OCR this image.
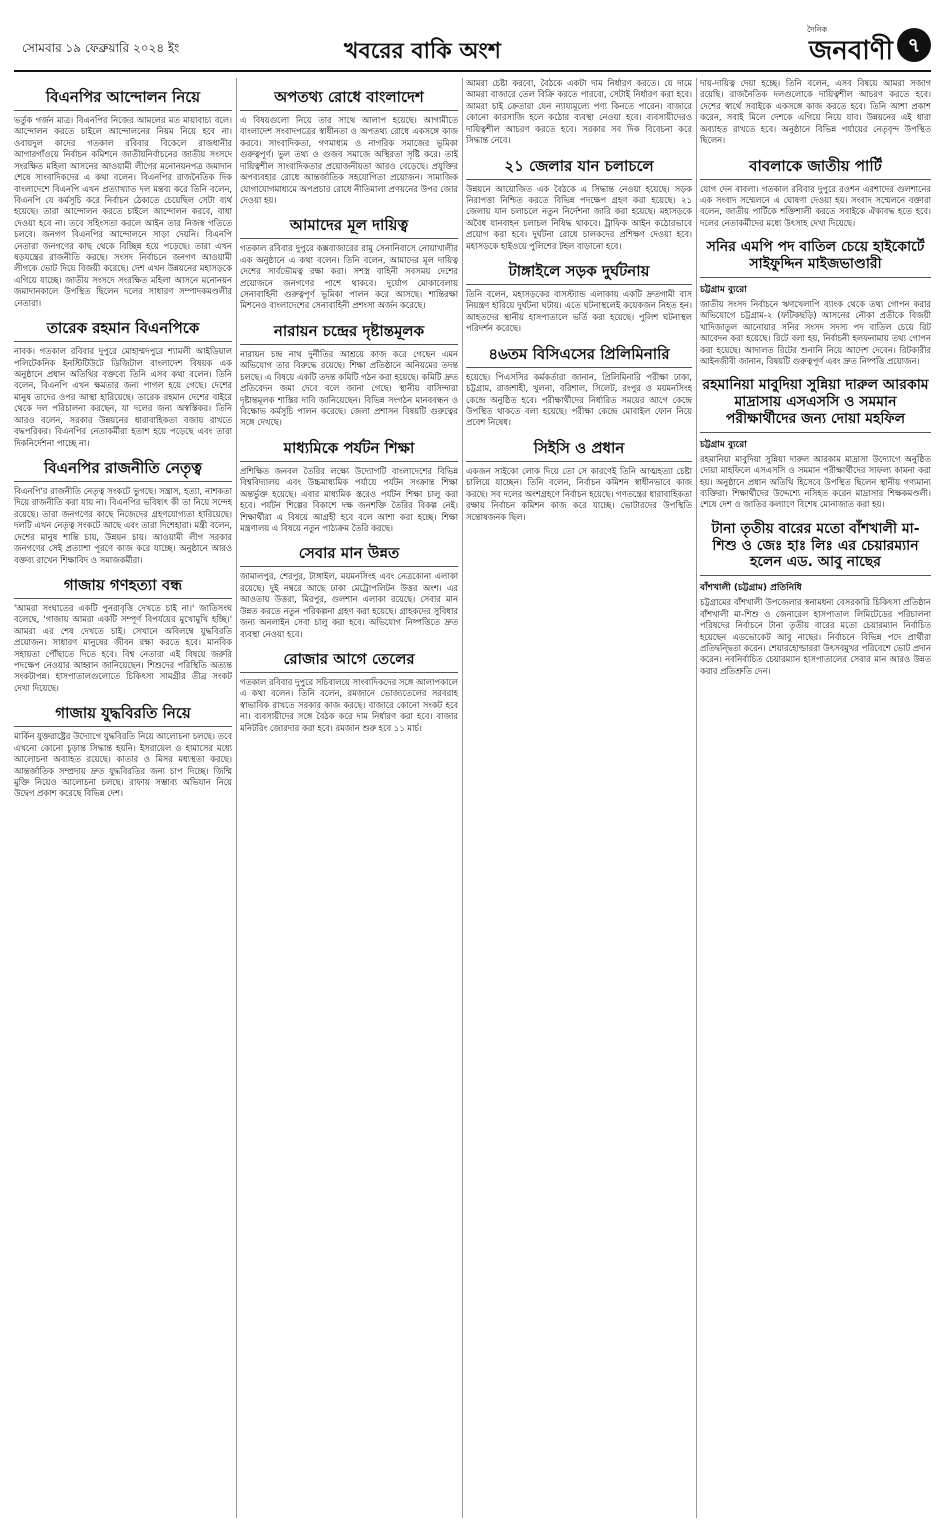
সোমবার ১৯ ফেব্রুয়ারি ২০২৪ ইং	খবরের বাকি অংশ
দৈনিক
জনবাণী ৭
বিএনপির আন্দোলন নিয়ে
ভর্তুক গর্জন মাত্র। বিএনপির নিজের আমলের মত মায়াবাচ্য বলে। আন্দোলন করতে চাইলে আন্দোলনের নিয়ম নিয়ে হবে না। ওবায়দুল কাদের গতকাল রবিবার বিকেলে রাজধানীর আগারগাঁওয়ে নির্বাচন কমিশনে জাতীয়নির্বাচনের জাতীয় সংসদে সংরক্ষিত মহিলা আসনের আওয়ামী লীগের মনোনয়নপত্র জমাদান শেষে সাংবাদিকদের এ কথা বলেন। বিএনপির রাজনৈতিক দিক বাংলাদেশে বিএনপি এখন প্রত্যাখ্যাত দল মন্তব্য করে তিনি বলেন, বিএনপি যে কর্মসূচি করে নির্বাচন ঠেকাতে চেয়েছিল সেটা ব্যর্থ হয়েছে। তারা আন্দোলন করতে চাইলে আন্দোলন করবে, বাধা দেওয়া হবে না। তবে সহিংসতা করলে আইন তার নিজস্ব গতিতে চলবে। জনগণ বিএনপির আন্দোলনে সাড়া দেয়নি। বিএনপি নেতারা জনগণের কাছ থেকে বিচ্ছিন্ন হয়ে পড়েছে। তারা এখন ষড়যন্ত্রের রাজনীতি করছে। সংসদ নির্বাচনে জনগণ আওয়ামী লীগকে ভোট দিয়ে বিজয়ী করেছে। দেশ এখন উন্নয়নের মহাসড়কে এগিয়ে যাচ্ছে। জাতীয় সংসদে সংরক্ষিত মহিলা আসনে মনোনয়ন জমাদানকালে উপস্থিত ছিলেন দলের সাধারণ সম্পাদকমণ্ডলীর নেতারা।
তারেক রহমান বিএনপিকে
নাবক। গতকাল রবিবার দুপুরে মোহাম্মদপুরে শ্যামলী আইডিয়াল পলিটেকনিক ইনস্টিটিউটে ডিজিটাল বাংলাদেশ বিষয়ক এক অনুষ্ঠানে প্রধান অতিথির বক্তব্যে তিনি এসব কথা বলেন। তিনি বলেন, বিএনপি এখন ক্ষমতার জন্য পাগল হয়ে গেছে। দেশের মানুষ তাদের ওপর আস্থা হারিয়েছে। তারেক রহমান দেশের বাইরে থেকে দল পরিচালনা করছেন, যা দলের জন্য অস্বস্তিকর। তিনি আরও বলেন, সরকার উন্নয়নের ধারাবাহিকতা বজায় রাখতে বদ্ধপরিকর। বিএনপির নেতাকর্মীরা হতাশ হয়ে পড়েছে এবং তারা দিকনির্দেশনা পাচ্ছে না।
বিএনপির রাজনীতি নেতৃত্ব
বিএনপি'র রাজনীতি নেতৃত্ব সংকটে ভুগছে। সন্ত্রাস, হত্যা, নাশকতা দিয়ে রাজনীতি করা যায় না। বিএনপির ভবিষ্যৎ কী তা নিয়ে সন্দেহ রয়েছে। তারা জনগণের কাছে নিজেদের গ্রহণযোগ্যতা হারিয়েছে। দলটি এখন নেতৃত্ব সংকটে আছে এবং তারা দিশেহারা। মন্ত্রী বলেন, দেশের মানুষ শান্তি চায়, উন্নয়ন চায়। আওয়ামী লীগ সরকার জনগণের সেই প্রত্যাশা পূরণে কাজ করে যাচ্ছে। অনুষ্ঠানে আরও বক্তব্য রাখেন শিক্ষাবিদ ও সমাজকর্মীরা।
গাজায় গণহত্যা বন্ধ
'আমরা সংঘাতের একটি পুনরাবৃত্তি দেখতে চাই না।' জাতিসংঘ বলেছে, 'গাজায় আমরা একটি সম্পূর্ণ বিপর্যয়ের মুখোমুখি হচ্ছি।' আমরা এর শেষ দেখতে চাই। সেখানে অবিলম্বে যুদ্ধবিরতি প্রয়োজন। সাধারণ মানুষের জীবন রক্ষা করতে হবে। মানবিক সহায়তা পৌঁছাতে দিতে হবে। বিশ্ব নেতারা এই বিষয়ে জরুরি পদক্ষেপ নেওয়ার আহ্বান জানিয়েছেন। শিশুদের পরিস্থিতি অত্যন্ত সংকটাপন্ন। হাসপাতালগুলোতে চিকিৎসা সামগ্রীর তীব্র সংকট দেখা দিয়েছে।
গাজায় যুদ্ধবিরতি নিয়ে
মার্কিন যুক্তরাষ্ট্রের উদ্যোগে যুদ্ধবিরতি নিয়ে আলোচনা চলছে। তবে এখনো কোনো চূড়ান্ত সিদ্ধান্ত হয়নি। ইসরায়েল ও হামাসের মধ্যে আলোচনা অব্যাহত রয়েছে। কাতার ও মিসর মধ্যস্থতা করছে। আন্তর্জাতিক সম্প্রদায় দ্রুত যুদ্ধবিরতির জন্য চাপ দিচ্ছে। জিম্মি মুক্তি নিয়েও আলোচনা চলছে। রাফায় সম্ভাব্য অভিযান নিয়ে উদ্বেগ প্রকাশ করেছে বিভিন্ন দেশ।
অপতথ্য রোধে বাংলাদেশ
এ বিষয়গুলো নিয়ে তার সাথে আলাপ হয়েছে। আগামীতে বাংলাদেশ সংবাদপত্রের স্বাধীনতা ও অপতথ্য রোধে একসঙ্গে কাজ করবে। সাংবাদিকতা, গণমাধ্যম ও নাগরিক সমাজের ভূমিকা গুরুত্বপূর্ণ। ভুল তথ্য ও গুজব সমাজে অস্থিরতা সৃষ্টি করে। তাই দায়িত্বশীল সাংবাদিকতার প্রয়োজনীয়তা আরও বেড়েছে। প্রযুক্তির অপব্যবহার রোধে আন্তর্জাতিক সহযোগিতা প্রয়োজন। সামাজিক যোগাযোগমাধ্যমে অপপ্রচার রোধে নীতিমালা প্রণয়নের উপর জোর দেওয়া হয়।
আমাদের মূল দায়িত্ব
গতকাল রবিবার দুপুরে কক্সবাজারের রামু সেনানিবাসে নোয়াখালীর এক অনুষ্ঠানে এ কথা বলেন। তিনি বলেন, আমাদের মূল দায়িত্ব দেশের সার্বভৌমত্ব রক্ষা করা। সশস্ত্র বাহিনী সবসময় দেশের প্রয়োজনে জনগণের পাশে থাকবে। দুর্যোগ মোকাবেলায় সেনাবাহিনী গুরুত্বপূর্ণ ভূমিকা পালন করে আসছে। শান্তিরক্ষা মিশনেও বাংলাদেশের সেনাবাহিনী প্রশংসা অর্জন করেছে।
নারায়ন চন্দ্রের দৃষ্টান্তমূলক
নারায়ন চন্দ্র নাথ দুর্নীতির আশ্রয়ে কাজ করে গেছেন এমন অভিযোগ তার বিরুদ্ধে রয়েছে। শিক্ষা প্রতিষ্ঠানে অনিয়মের তদন্ত চলছে। এ বিষয়ে একটি তদন্ত কমিটি গঠন করা হয়েছে। কমিটি দ্রুত প্রতিবেদন জমা দেবে বলে জানা গেছে। স্থানীয় বাসিন্দারা দৃষ্টান্তমূলক শাস্তির দাবি জানিয়েছেন। বিভিন্ন সংগঠন মানববন্ধন ও বিক্ষোভ কর্মসূচি পালন করেছে। জেলা প্রশাসন বিষয়টি গুরুত্বের সঙ্গে দেখছে।
মাধ্যমিকে পর্যটন শিক্ষা
প্রশিক্ষিত জনবল তৈরির লক্ষ্যে উদ্যোগটি বাংলাদেশের বিভিন্ন বিশ্ববিদ্যালয় এবং উচ্চমাধ্যমিক পর্যায়ে পর্যটন সংক্রান্ত শিক্ষা অন্তর্ভুক্ত হয়েছে। এবার মাধ্যমিক স্তরেও পর্যটন শিক্ষা চালু করা হবে। পর্যটন শিল্পের বিকাশে দক্ষ জনশক্তি তৈরির বিকল্প নেই। শিক্ষার্থীরা এ বিষয়ে আগ্রহী হবে বলে আশা করা হচ্ছে। শিক্ষা মন্ত্রণালয় এ বিষয়ে নতুন পাঠ্যক্রম তৈরি করছে।
সেবার মান উন্নত
জামালপুর, শেরপুর, টাঙ্গাইল, ময়মনসিংহ এবং নেত্রকোনা এলাকা রয়েছে। দুই নম্বরে আছে ঢাকা মেট্রোপলিটন উত্তর অংশ। এর আওতায় উত্তরা, মিরপুর, গুলশান এলাকা রয়েছে। সেবার মান উন্নত করতে নতুন পরিকল্পনা গ্রহণ করা হয়েছে। গ্রাহকদের সুবিধার জন্য অনলাইন সেবা চালু করা হবে। অভিযোগ নিষ্পত্তিতে দ্রুত ব্যবস্থা নেওয়া হবে।
রোজার আগে তেলের
গতকাল রবিবার দুপুরে সচিবালয়ে সাংবাদিকদের সঙ্গে আলাপকালে এ কথা বলেন। তিনি বলেন, রমজানে ভোজ্যতেলের সরবরাহ স্বাভাবিক রাখতে সরকার কাজ করছে। বাজারে কোনো সংকট হবে না। ব্যবসায়ীদের সঙ্গে বৈঠক করে দাম নির্ধারণ করা হবে। বাজার মনিটরিং জোরদার করা হবে। রমজান শুরু হবে ১১ মার্চ।
আমরা চেষ্টা করবো, বৈঠকে একটা দাম নির্ধারণ করতে। যে দামে আমরা বাজারে তেল বিক্রি করতে পারবো, সেটাই নির্ধারণ করা হবে। আমরা চাই ক্রেতারা যেন ন্যায্যমূল্যে পণ্য কিনতে পারেন। বাজারে কোনো কারসাজি হলে কঠোর ব্যবস্থা নেওয়া হবে। ব্যবসায়ীদেরও দায়িত্বশীল আচরণ করতে হবে। সরকার সব দিক বিবেচনা করে সিদ্ধান্ত নেবে।
২১ জেলার যান চলাচলে
উন্নয়নে আয়োজিত এক বৈঠকে এ সিদ্ধান্ত নেওয়া হয়েছে। সড়ক নিরাপত্তা নিশ্চিত করতে বিভিন্ন পদক্ষেপ গ্রহণ করা হয়েছে। ২১ জেলায় যান চলাচলে নতুন নির্দেশনা জারি করা হয়েছে। মহাসড়কে অবৈধ যানবাহন চলাচল নিষিদ্ধ থাকবে। ট্রাফিক আইন কঠোরভাবে প্রয়োগ করা হবে। দুর্ঘটনা রোধে চালকদের প্রশিক্ষণ দেওয়া হবে। মহাসড়কে হাইওয়ে পুলিশের টহল বাড়ানো হবে।
টাঙ্গাইলে সড়ক দুর্ঘটনায়
তিনি বলেন, মহাসড়কের বাসস্ট্যান্ড এলাকায় একটি দ্রুতগামী বাস নিয়ন্ত্রণ হারিয়ে দুর্ঘটনা ঘটায়। এতে ঘটনাস্থলেই কয়েকজন নিহত হন। আহতদের স্থানীয় হাসপাতালে ভর্তি করা হয়েছে। পুলিশ ঘটনাস্থল পরিদর্শন করেছে।
৪৬তম বিসিএসের প্রিলিমিনারি
হয়েছে। পিএসসির কর্মকর্তারা জানান, প্রিলিমিনারি পরীক্ষা ঢাকা, চট্টগ্রাম, রাজশাহী, খুলনা, বরিশাল, সিলেট, রংপুর ও ময়মনসিংহ কেন্দ্রে অনুষ্ঠিত হবে। পরীক্ষার্থীদের নির্ধারিত সময়ের আগে কেন্দ্রে উপস্থিত থাকতে বলা হয়েছে। পরীক্ষা কেন্দ্রে মোবাইল ফোন নিয়ে প্রবেশ নিষেধ।
সিইসি ও প্রধান
একজন সাইকো লোক দিয়ে তো সে কারণেই তিনি আত্মহত্যা চেষ্টা চালিয়ে যাচ্ছেন। তিনি বলেন, নির্বাচন কমিশন স্বাধীনভাবে কাজ করছে। সব দলের অংশগ্রহণে নির্বাচন হয়েছে। গণতন্ত্রের ধারাবাহিকতা রক্ষায় নির্বাচন কমিশন কাজ করে যাচ্ছে। ভোটারদের উপস্থিতি সন্তোষজনক ছিল।
দায়-দায়িত্ব দেয়া হচ্ছে। তিনি বলেন, এসব বিষয়ে আমরা সজাগ রয়েছি। রাজনৈতিক দলগুলোকে দায়িত্বশীল আচরণ করতে হবে। দেশের স্বার্থে সবাইকে একসঙ্গে কাজ করতে হবে। তিনি আশা প্রকাশ করেন, সবাই মিলে দেশকে এগিয়ে নিয়ে যাব। উন্নয়নের এই ধারা অব্যাহত রাখতে হবে। অনুষ্ঠানে বিভিন্ন পর্যায়ের নেতৃবৃন্দ উপস্থিত ছিলেন।
বাবলাকে জাতীয় পার্টি
যোগ দেন বাবলা। গতকাল রবিবার দুপুরে রওশন এরশাদের গুলশানের এক সংবাদ সম্মেলনে এ ঘোষণা দেওয়া হয়। সংবাদ সম্মেলনে বক্তারা বলেন, জাতীয় পার্টিকে শক্তিশালী করতে সবাইকে ঐক্যবদ্ধ হতে হবে। দলের নেতাকর্মীদের মধ্যে উৎসাহ দেখা দিয়েছে।
সনির এমপি পদ বাতিল চেয়ে হাইকোর্টে সাইফুদ্দিন মাইজভাণ্ডারী
চট্টগ্রাম ব্যুরো
জাতীয় সংসদ নির্বাচনে ঋণখেলাপি ব্যাংক থেকে তথ্য গোপন করার অভিযোগে চট্টগ্রাম-২ (ফটিকছড়ি) আসনের নৌকা প্রতীকে বিজয়ী খাদিজাতুল আনোয়ার সনির সংসদ সদস্য পদ বাতিল চেয়ে রিট আবেদন করা হয়েছে। রিটে বলা হয়, নির্বাচনী হলফনামায় তথ্য গোপন করা হয়েছে। আদালত রিটের শুনানি নিয়ে আদেশ দেবেন। রিটকারীর আইনজীবী জানান, বিষয়টি গুরুত্বপূর্ণ এবং দ্রুত নিষ্পত্তি প্রয়োজন।
রহমানিয়া মাবুদিয়া সুন্নিয়া দারুল আরকাম মাদ্রাসায় এসএসসি ও সমমান পরীক্ষার্থীদের জন্য দোয়া মহফিল
চট্টগ্রাম ব্যুরো
রহমানিয়া মাবুদিয়া সুন্নিয়া দারুল আরকাম মাদ্রাসা উদ্যোগে অনুষ্ঠিত দোয়া মাহফিলে এসএসসি ও সমমান পরীক্ষার্থীদের সাফল্য কামনা করা হয়। অনুষ্ঠানে প্রধান অতিথি হিসেবে উপস্থিত ছিলেন স্থানীয় গণ্যমান্য ব্যক্তিরা। শিক্ষার্থীদের উদ্দেশ্যে নসিহত করেন মাদ্রাসার শিক্ষকমণ্ডলী। শেষে দেশ ও জাতির কল্যাণে বিশেষ মোনাজাত করা হয়।
টানা তৃতীয় বারের মতো বাঁশখালী মা-শিশু ও জেঃ হাঃ লিঃ এর চেয়ারম্যান হলেন এড. আবু নাছের
বাঁশখালী (চট্টগ্রাম) প্রতিনিধি
চট্টগ্রামের বাঁশখালী উপজেলার স্বনামধন্য বেসরকারি চিকিৎসা প্রতিষ্ঠান বাঁশখালী মা-শিশু ও জেনারেল হাসপাতাল লিমিটেডের পরিচালনা পরিষদের নির্বাচনে টানা তৃতীয় বারের মতো চেয়ারম্যান নির্বাচিত হয়েছেন এডভোকেট আবু নাছের। নির্বাচনে বিভিন্ন পদে প্রার্থীরা প্রতিদ্বন্দ্বিতা করেন। শেয়ারহোল্ডাররা উৎসবমুখর পরিবেশে ভোট প্রদান করেন। নবনির্বাচিত চেয়ারম্যান হাসপাতালের সেবার মান আরও উন্নত করার প্রতিশ্রুতি দেন।
